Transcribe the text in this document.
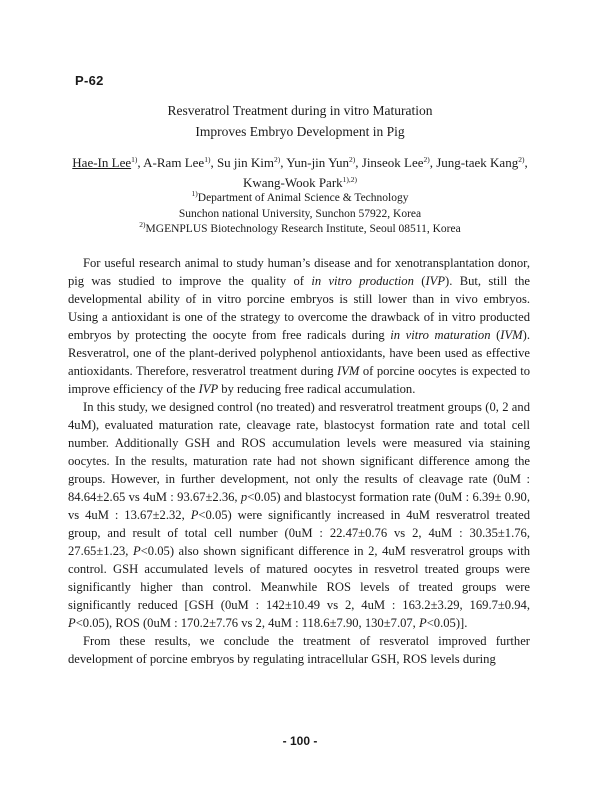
P-62
Resveratrol Treatment during in vitro Maturation
Improves Embryo Development in Pig
Hae-In Lee$^{1)}$, A-Ram Lee$^{1)}$, Su jin Kim$^{2)}$, Yun-jin Yun$^{2)}$, Jinseok Lee$^{2)}$, Jung-taek Kang$^{2)}$, Kwang-Wook Park$^{1),2)}$
$^{1)}$Department of Animal Science & Technology
Sunchon national University, Sunchon 57922, Korea
$^{2)}$MGENPLUS Biotechnology Research Institute, Seoul 08511, Korea

For useful research animal to study human’s disease and for xenotransplantation donor, pig was studied to improve the quality of in vitro production (IVP). But, still the developmental ability of in vitro porcine embryos is still lower than in vivo embryos. Using a antioxidant is one of the strategy to overcome the drawback of in vitro producted embryos by protecting the oocyte from free radicals during in vitro maturation (IVM). Resveratrol, one of the plant-derived polyphenol antioxidants, have been used as effective antioxidants. Therefore, resveratrol treatment during IVM of porcine oocytes is expected to improve efficiency of the IVP by reducing free radical accumulation.

In this study, we designed control (no treated) and resveratrol treatment groups (0, 2 and 4uM), evaluated maturation rate, cleavage rate, blastocyst formation rate and total cell number. Additionally GSH and ROS accumulation levels were measured via staining oocytes. In the results, maturation rate had not shown significant difference among the groups. However, in further development, not only the results of cleavage rate (0uM : 84.64±2.65 vs 4uM : 93.67±2.36, p<0.05) and blastocyst formation rate (0uM : 6.39± 0.90, vs 4uM : 13.67±2.32, P<0.05) were significantly increased in 4uM resveratrol treated group, and result of total cell number (0uM : 22.47±0.76 vs 2, 4uM : 30.35±1.76, 27.65±1.23, P<0.05) also shown significant difference in 2, 4uM resveratrol groups with control. GSH accumulated levels of matured oocytes in resvetrol treated groups were significantly higher than control. Meanwhile ROS levels of treated groups were significantly reduced [GSH (0uM : 142±10.49 vs 2, 4uM : 163.2±3.29, 169.7±0.94, P<0.05), ROS (0uM : 170.2±7.76 vs 2, 4uM : 118.6±7.90, 130±7.07, P<0.05)].

From these results, we conclude the treatment of resveratol improved further development of porcine embryos by regulating intracellular GSH, ROS levels during

- 100 -
